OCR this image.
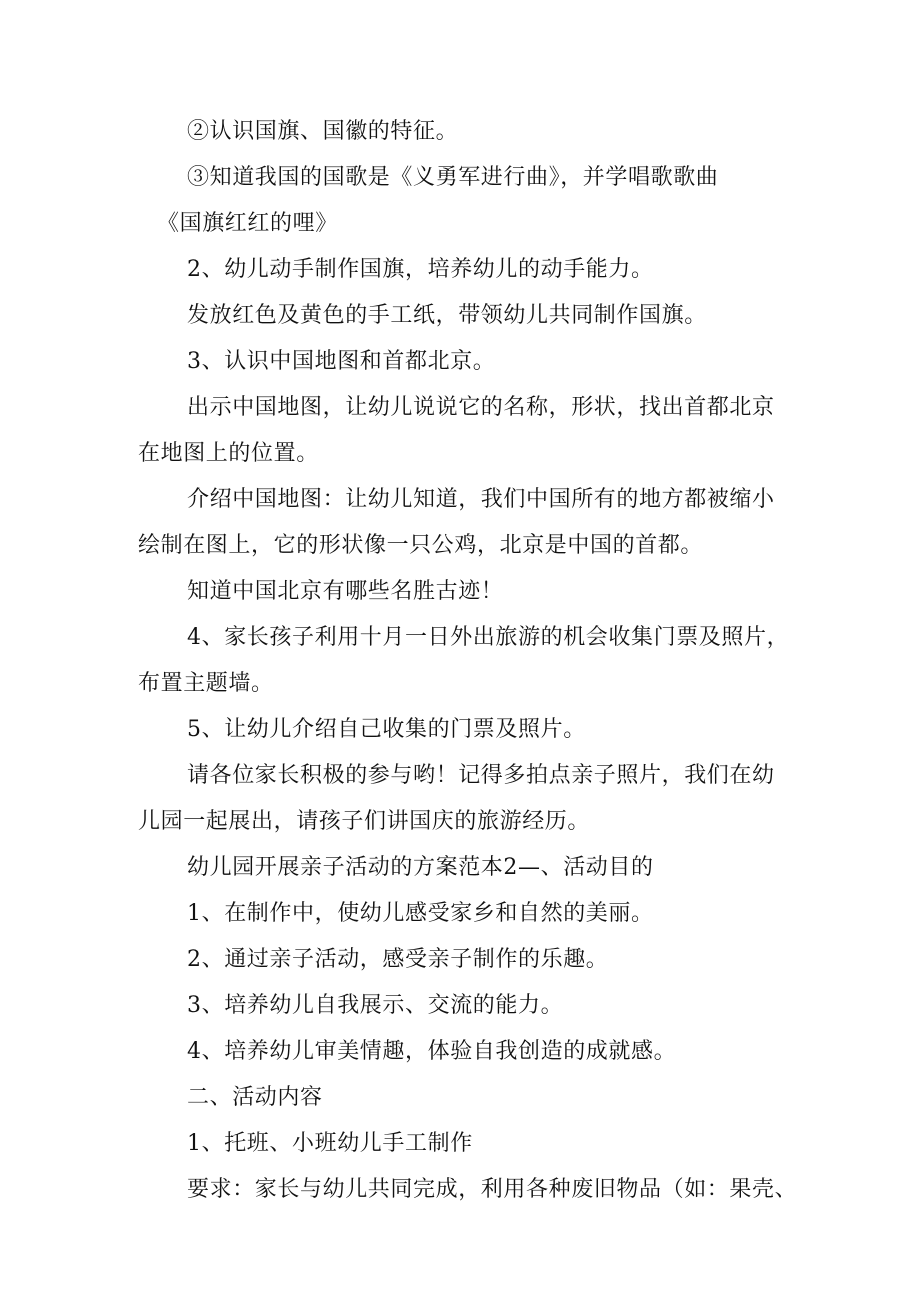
②认识国旗、国徽的特征。
③知道我国的国歌是《义勇军进行曲》，并学唱歌歌曲
《国旗红红的哩》
2、幼儿动手制作国旗，培养幼儿的动手能力。
发放红色及黄色的手工纸，带领幼儿共同制作国旗。
3、认识中国地图和首都北京。
出示中国地图，让幼儿说说它的名称，形状，找出首都北京
在地图上的位置。
介绍中国地图：让幼儿知道，我们中国所有的地方都被缩小
绘制在图上，它的形状像一只公鸡，北京是中国的首都。
知道中国北京有哪些名胜古迹！
4、家长孩子利用十月一日外出旅游的机会收集门票及照片，
布置主题墙。
5、让幼儿介绍自己收集的门票及照片。
请各位家长积极的参与哟！记得多拍点亲子照片，我们在幼
儿园一起展出，请孩子们讲国庆的旅游经历。
幼儿园开展亲子活动的方案范本2—、活动目的
1、在制作中，使幼儿感受家乡和自然的美丽。
2、通过亲子活动，感受亲子制作的乐趣。
3、培养幼儿自我展示、交流的能力。
4、培养幼儿审美情趣，体验自我创造的成就感。
二、活动内容
1、托班、小班幼儿手工制作
要求：家长与幼儿共同完成，利用各种废旧物品（如：果壳、
